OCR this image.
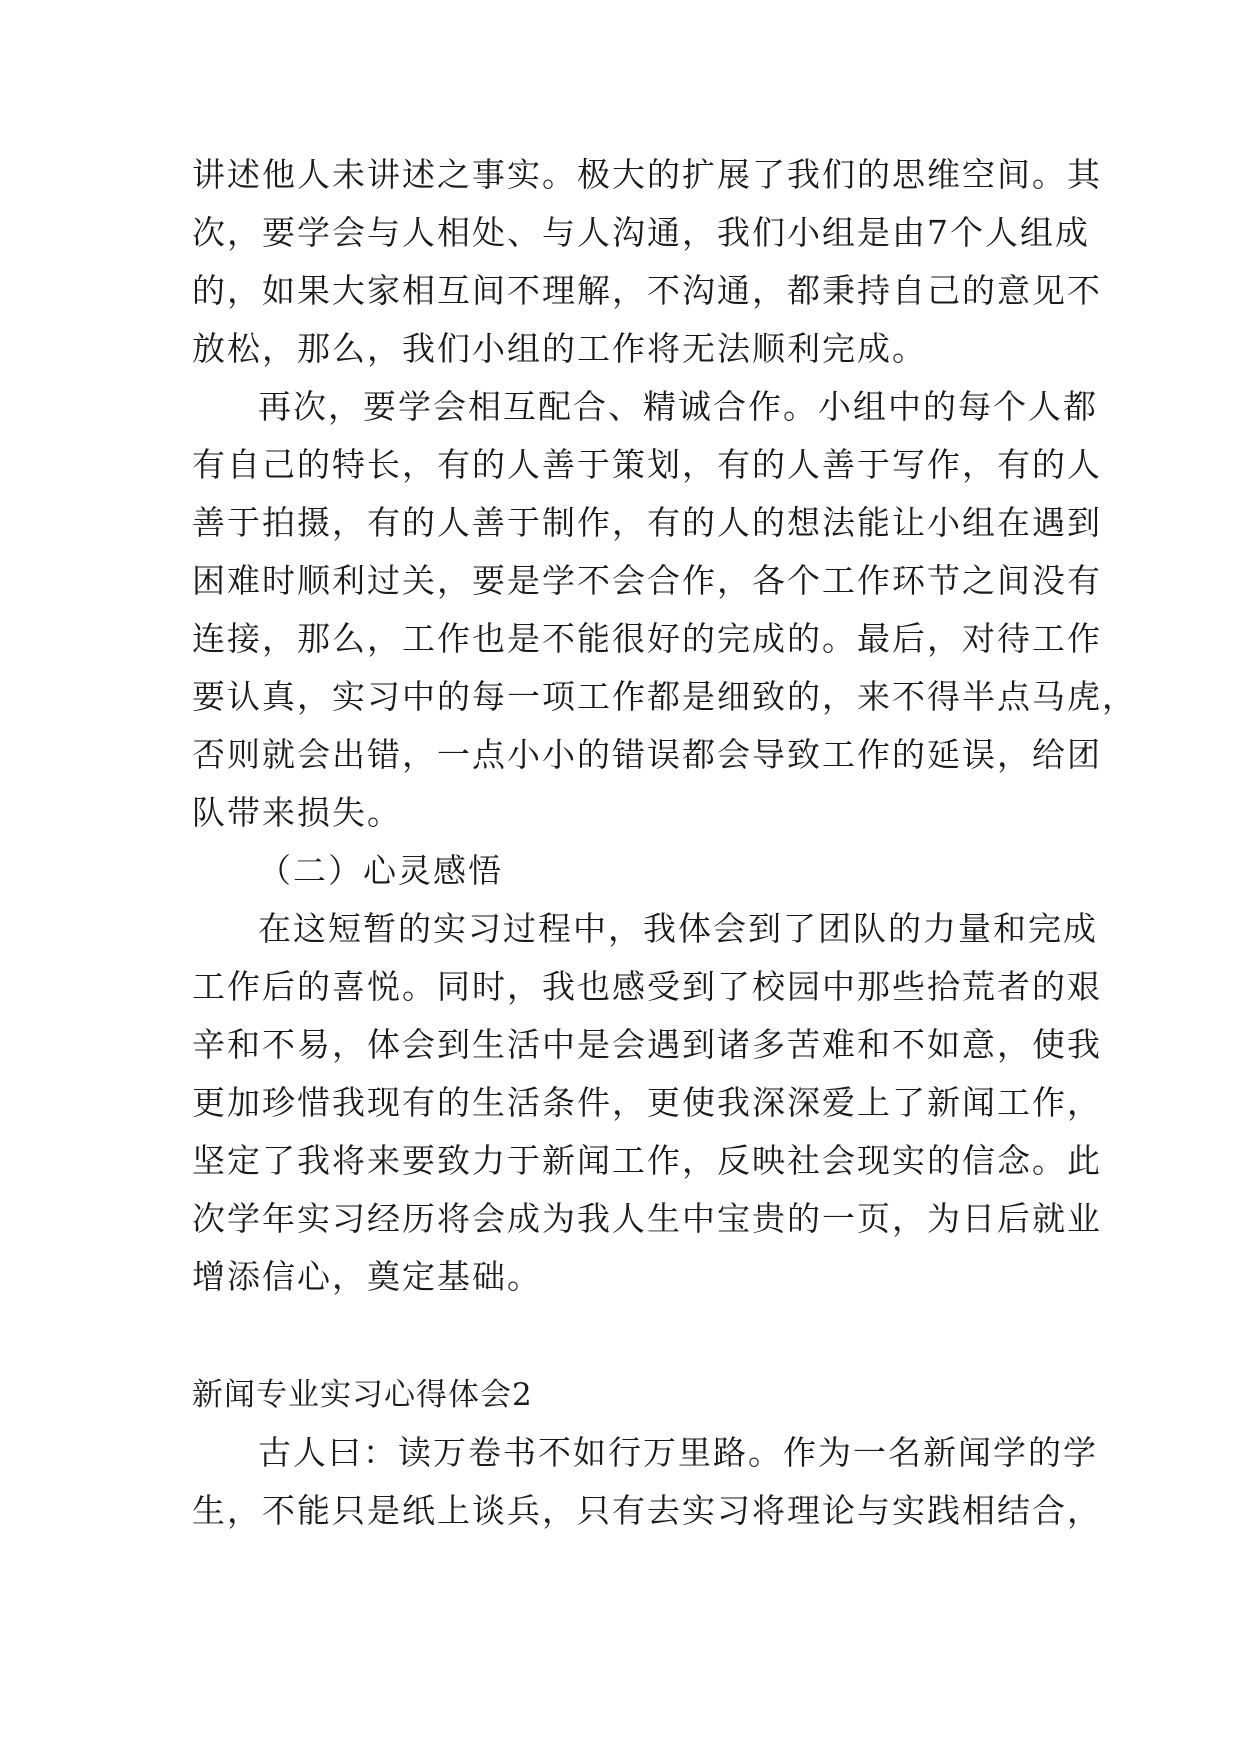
讲述他人未讲述之事实。极大的扩展了我们的思维空间。其
次，要学会与人相处、与人沟通，我们小组是由7个人组成
的，如果大家相互间不理解，不沟通，都秉持自己的意见不
放松，那么，我们小组的工作将无法顺利完成。
再次，要学会相互配合、精诚合作。小组中的每个人都
有自己的特长，有的人善于策划，有的人善于写作，有的人
善于拍摄，有的人善于制作，有的人的想法能让小组在遇到
困难时顺利过关，要是学不会合作，各个工作环节之间没有
连接，那么，工作也是不能很好的完成的。最后，对待工作
要认真，实习中的每一项工作都是细致的，来不得半点马虎，
否则就会出错，一点小小的错误都会导致工作的延误，给团
队带来损失。
（二）心灵感悟
在这短暂的实习过程中，我体会到了团队的力量和完成
工作后的喜悦。同时，我也感受到了校园中那些拾荒者的艰
辛和不易，体会到生活中是会遇到诸多苦难和不如意，使我
更加珍惜我现有的生活条件，更使我深深爱上了新闻工作，
坚定了我将来要致力于新闻工作，反映社会现实的信念。此
次学年实习经历将会成为我人生中宝贵的一页，为日后就业
增添信心，奠定基础。
新闻专业实习心得体会2
古人曰：读万卷书不如行万里路。作为一名新闻学的学
生，不能只是纸上谈兵，只有去实习将理论与实践相结合，
